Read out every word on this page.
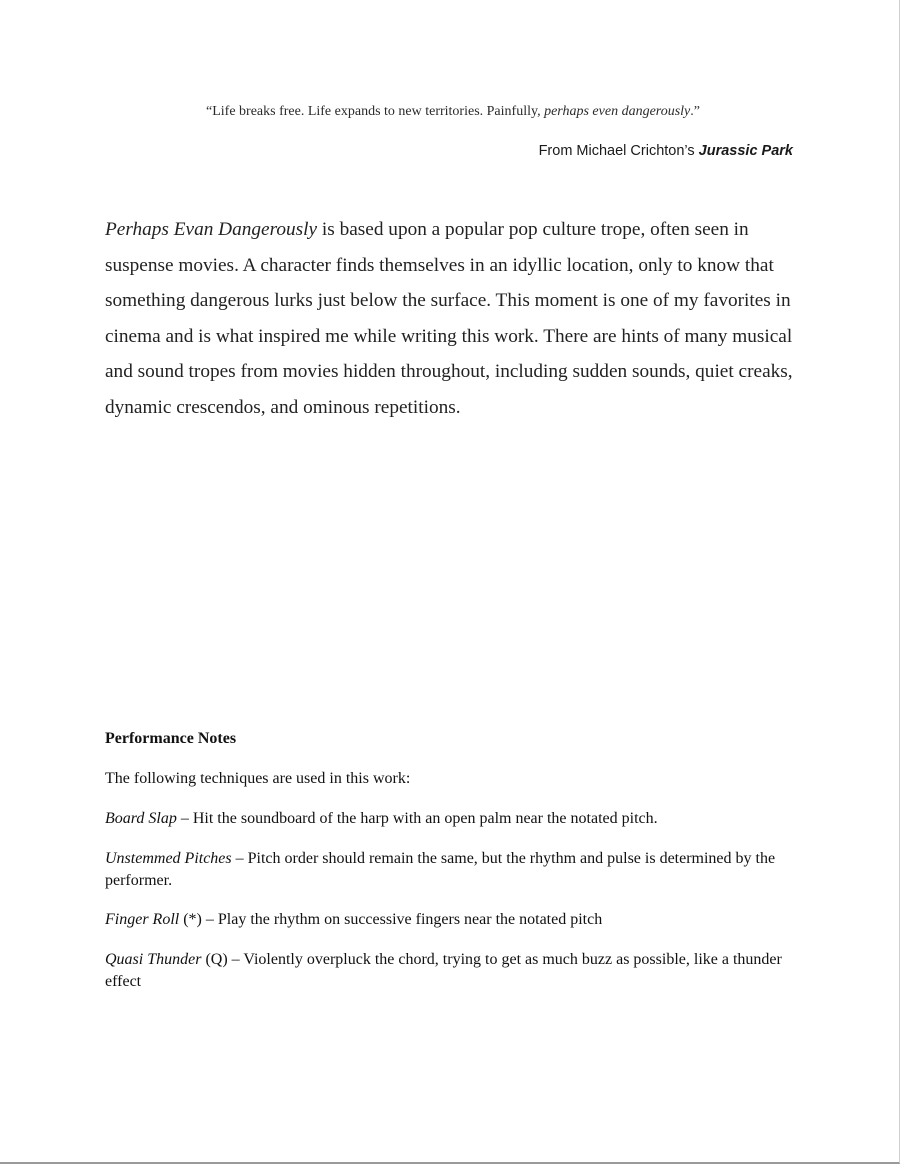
“Life breaks free. Life expands to new territories. Painfully, perhaps even dangerously.”

From Michael Crichton’s Jurassic Park

Perhaps Evan Dangerously is based upon a popular pop culture trope, often seen in suspense movies. A character finds themselves in an idyllic location, only to know that something dangerous lurks just below the surface. This moment is one of my favorites in cinema and is what inspired me while writing this work. There are hints of many musical and sound tropes from movies hidden throughout, including sudden sounds, quiet creaks, dynamic crescendos, and ominous repetitions.

Performance Notes

The following techniques are used in this work:

Board Slap – Hit the soundboard of the harp with an open palm near the notated pitch.

Unstemmed Pitches – Pitch order should remain the same, but the rhythm and pulse is determined by the performer.

Finger Roll (*) – Play the rhythm on successive fingers near the notated pitch

Quasi Thunder (Q) – Violently overpluck the chord, trying to get as much buzz as possible, like a thunder effect
